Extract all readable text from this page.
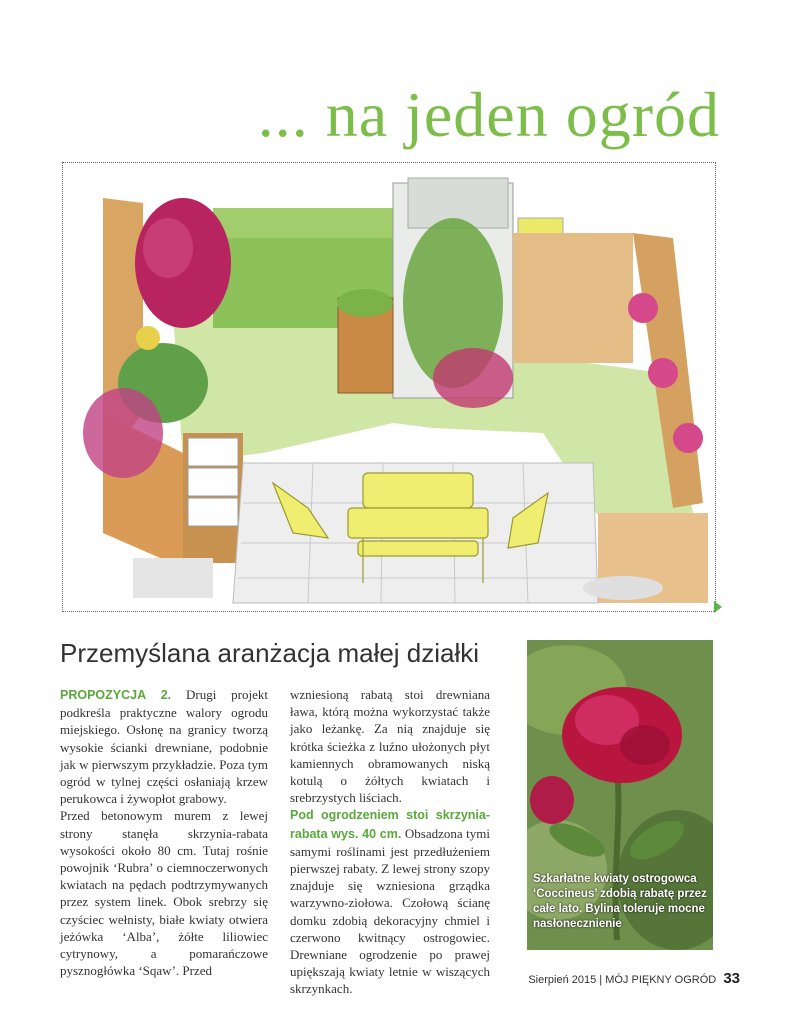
... na jeden ogród
Przemyślana aranżacja małej działki

PROPOZYCJA 2. Drugi projekt podkreśla praktyczne walory ogrodu miejskiego. Osłonę na granicy tworzą wysokie ścianki drewniane, podobnie jak w pierwszym przykładzie. Poza tym ogród w tylnej części osłaniają krzew perukowca i żywopłot grabowy.

Przed betonowym murem z lewej strony stanęła skrzynia-rabata wysokości około 80 cm. Tutaj rośnie powojnik ‘Rubra’ o ciemnoczerwonych kwiatach na pędach podtrzymywanych przez system linek. Obok srebrzy się czyściec wełnisty, białe kwiaty otwiera jeżówka ‘Alba’, żółte liliowiec cytrynowy, a pomarańczowe pysznogłówka ‘Sqaw’. Przed

wzniesioną rabatą stoi drewniana ława, którą można wykorzystać także jako leżankę. Za nią znajduje się krótka ścieżka z luźno ułożonych płyt kamiennych obramowanych niską kotulą o żółtych kwiatach i srebrzystych liściach.

Pod ogrodzeniem stoi skrzynia-rabata wys. 40 cm. Obsadzona tymi samymi roślinami jest przedłużeniem pierwszej rabaty. Z lewej strony szopy znajduje się wzniesiona grządka warzywno-ziołowa. Czołową ścianę domku zdobią dekoracyjny chmiel i czerwono kwitnący ostrogowiec. Drewniane ogrodzenie po prawej upiększają kwiaty letnie w wiszących skrzynkach.

Szkarłatne kwiaty ostrogowca ‘Coccineus’ zdobią rabatę przez całe lato. Bylina toleruje mocne nasłonecznienie
Sierpień 2015 | MÓJ PIĘKNY OGRÓD 33
